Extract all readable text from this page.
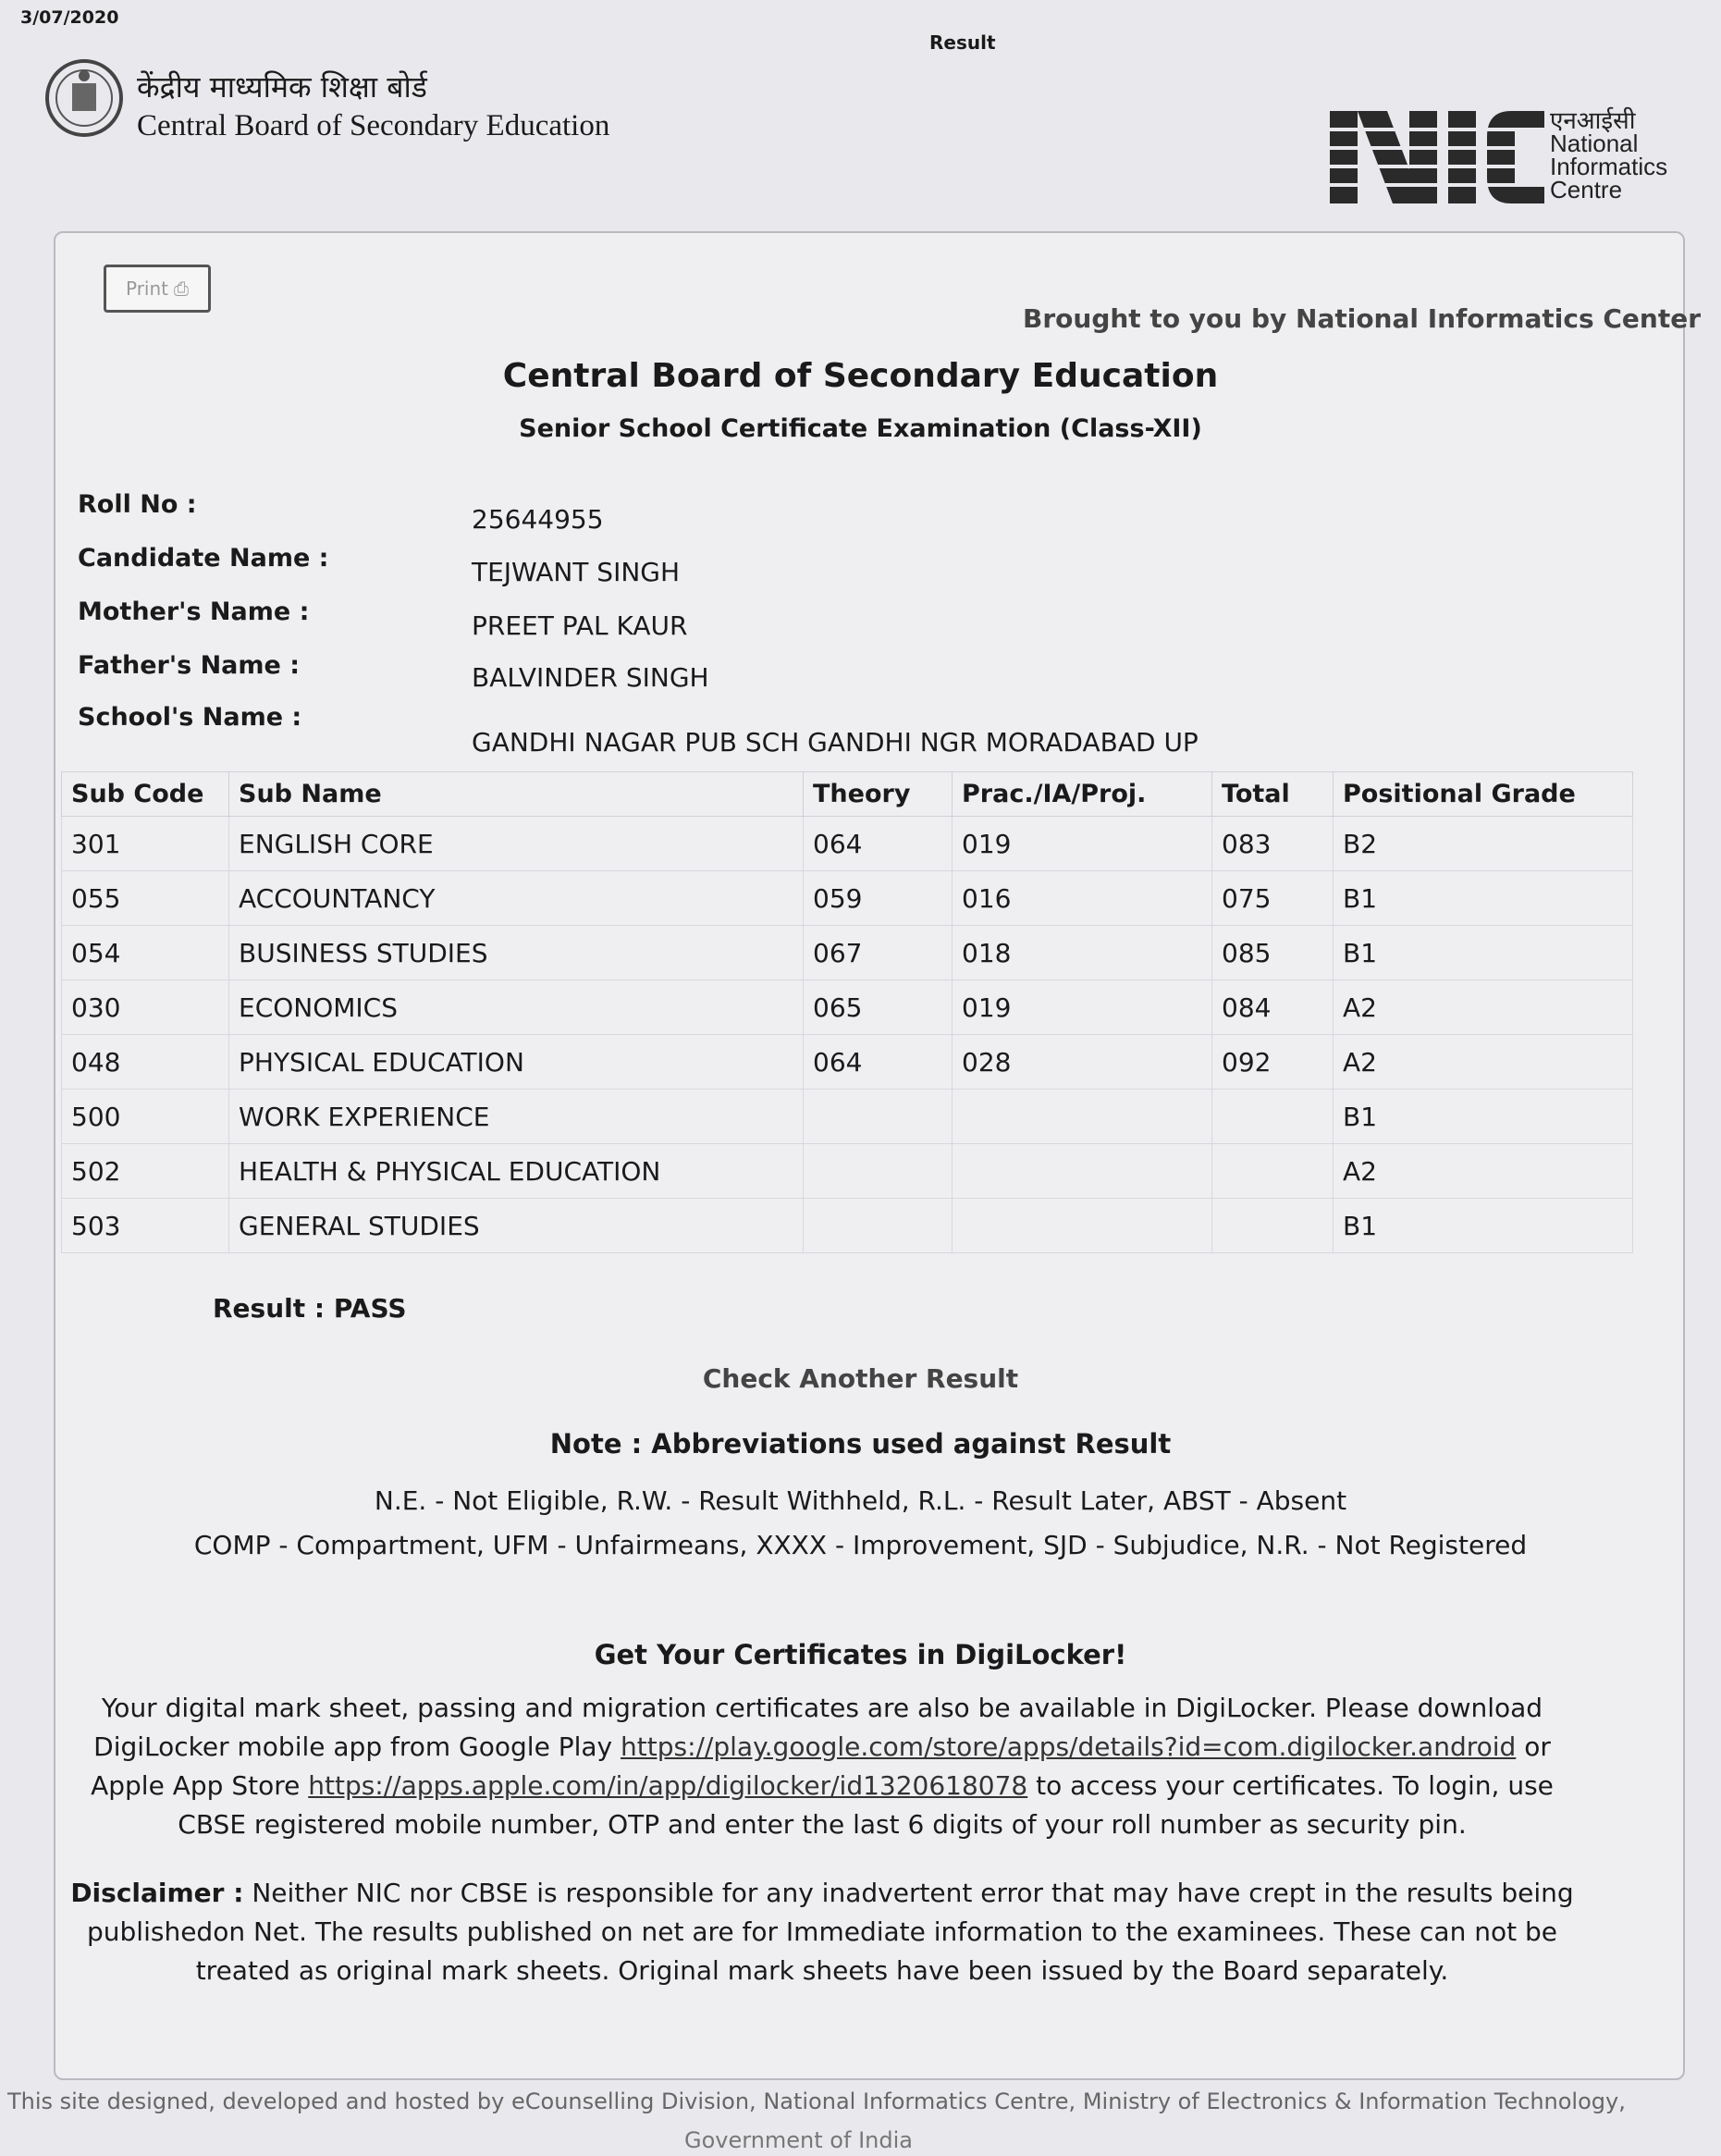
3/07/2020
Result
केंद्रीय माध्यमिक शिक्षा बोर्ड
Central Board of Secondary Education	एनआईसी
National
Informatics
Centre
Print ⎙
Brought to you by National Informatics Center
Central Board of Secondary Education
Senior School Certificate Examination (Class-XII)
Roll No :	25644955
Candidate Name :	TEJWANT SINGH
Mother's Name :	PREET PAL KAUR
Father's Name :	BALVINDER SINGH
School's Name :
GANDHI NAGAR PUB SCH GANDHI NGR MORADABAD UP
Sub Code	Sub Name	Theory	Prac./IA/Proj.	Total	Positional Grade
301	ENGLISH CORE	064	019	083	B2
055	ACCOUNTANCY	059	016	075	B1
054	BUSINESS STUDIES	067	018	085	B1
030	ECONOMICS	065	019	084	A2
048	PHYSICAL EDUCATION	064	028	092	A2
500	WORK EXPERIENCE				B1
502	HEALTH & PHYSICAL EDUCATION				A2
503	GENERAL STUDIES				B1
Result : PASS
Check Another Result
Note : Abbreviations used against Result
N.E. - Not Eligible, R.W. - Result Withheld, R.L. - Result Later, ABST - Absent
COMP - Compartment, UFM - Unfairmeans, XXXX - Improvement, SJD - Subjudice, N.R. - Not Registered
Get Your Certificates in DigiLocker!
Your digital mark sheet, passing and migration certificates are also be available in DigiLocker. Please download DigiLocker mobile app from Google Play https://play.google.com/store/apps/details?id=com.digilocker.android or Apple App Store https://apps.apple.com/in/app/digilocker/id1320618078 to access your certificates. To login, use CBSE registered mobile number, OTP and enter the last 6 digits of your roll number as security pin.
Disclaimer : Neither NIC nor CBSE is responsible for any inadvertent error that may have crept in the results being publishedon Net. The results published on net are for Immediate information to the examinees. These can not be treated as original mark sheets. Original mark sheets have been issued by the Board separately.
This site designed, developed and hosted by eCounselling Division, National Informatics Centre, Ministry of Electronics & Information Technology,
Government of India
